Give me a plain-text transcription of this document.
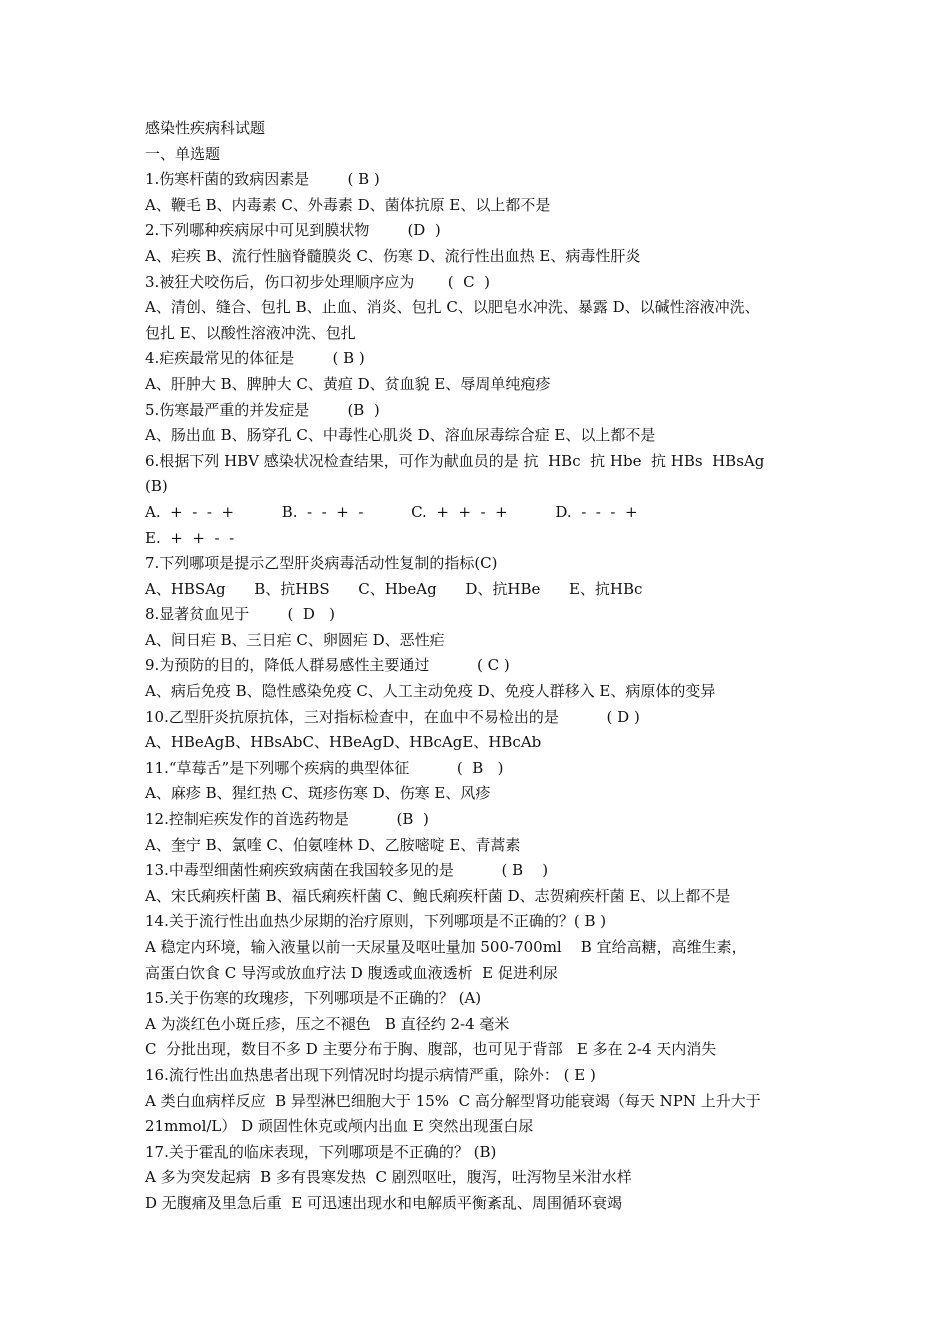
感染性疾病科试题
一、单选题
1.伤寒杆菌的致病因素是        ( B )
A、鞭毛 B、内毒素 C、外毒素 D、菌体抗原 E、以上都不是
2.下列哪种疾病尿中可见到膜状物        (D  )
A、疟疾 B、流行性脑脊髓膜炎 C、伤寒 D、流行性出血热 E、病毒性肝炎
3.被狂犬咬伤后，伤口初步处理顺序应为       (  C  )
A、清创、缝合、包扎 B、止血、消炎、包扎 C、以肥皂水冲洗、暴露 D、以碱性溶液冲洗、
包扎 E、以酸性溶液冲洗、包扎
4.疟疾最常见的体征是        ( B )
A、肝肿大 B、脾肿大 C、黄疸 D、贫血貌 E、辱周单纯疱疹
5.伤寒最严重的并发症是        (B  )
A、肠出血 B、肠穿孔 C、中毒性心肌炎 D、溶血尿毒综合症 E、以上都不是
6.根据下列 HBV 感染状况检查结果，可作为献血员的是 抗  HBc  抗 Hbe  抗 HBs  HBsAg
(B)
A.  +  -  -  +          B.  -  -  +  -          C.  +  +  -  +          D.  -  -  -  +
E.  +  +  -  -
7.下列哪项是提示乙型肝炎病毒活动性复制的指标(C)
A、HBSAg      B、抗HBS      C、HbeAg      D、抗HBe      E、抗HBc
8.显著贫血见于        (  D   )
A、间日疟 B、三日疟 C、卵圆疟 D、恶性疟
9.为预防的目的，降低人群易感性主要通过          ( C )
A、病后免疫 B、隐性感染免疫 C、人工主动免疫 D、免疫人群移入 E、病原体的变异
10.乙型肝炎抗原抗体，三对指标检查中，在血中不易检出的是          ( D )
A、HBeAgB、HBsAbC、HBeAgD、HBcAgE、HBcAb
11.“草莓舌”是下列哪个疾病的典型体征          (  B   )
A、麻疹 B、猩红热 C、斑疹伤寒 D、伤寒 E、风疹
12.控制疟疾发作的首选药物是          (B  )
A、奎宁 B、氯喹 C、伯氨喹林 D、乙胺嘧啶 E、青蒿素
13.中毒型细菌性痢疾致病菌在我国较多见的是          ( B    )
A、宋氏痢疾杆菌 B、福氏痢疾杆菌 C、鲍氏痢疾杆菌 D、志贺痢疾杆菌 E、以上都不是
14.关于流行性出血热少尿期的治疗原则，下列哪项是不正确的？( B )
A 稳定内环境，输入液量以前一天尿量及呕吐量加 500-700ml    B 宜给高糖，高维生素，
高蛋白饮食 C 导泻或放血疗法 D 腹透或血液透析  E 促进利尿
15.关于伤寒的玫瑰疹，下列哪项是不正确的？ (A)
A 为淡红色小斑丘疹，压之不褪色   B 直径约 2-4 毫米
C  分批出现，数目不多 D 主要分布于胸、腹部，也可见于背部   E 多在 2-4 天内消失
16.流行性出血热患者出现下列情况时均提示病情严重，除外： ( E )
A 类白血病样反应  B 异型淋巴细胞大于 15%  C 高分解型肾功能衰竭（每天 NPN 上升大于
21mmol/L） D 顽固性休克或颅内出血 E 突然出现蛋白尿
17.关于霍乱的临床表现，下列哪项是不正确的？ (B)
A 多为突发起病  B 多有畏寒发热  C 剧烈呕吐，腹泻，吐泻物呈米泔水样
D 无腹痛及里急后重  E 可迅速出现水和电解质平衡紊乱、周围循环衰竭
